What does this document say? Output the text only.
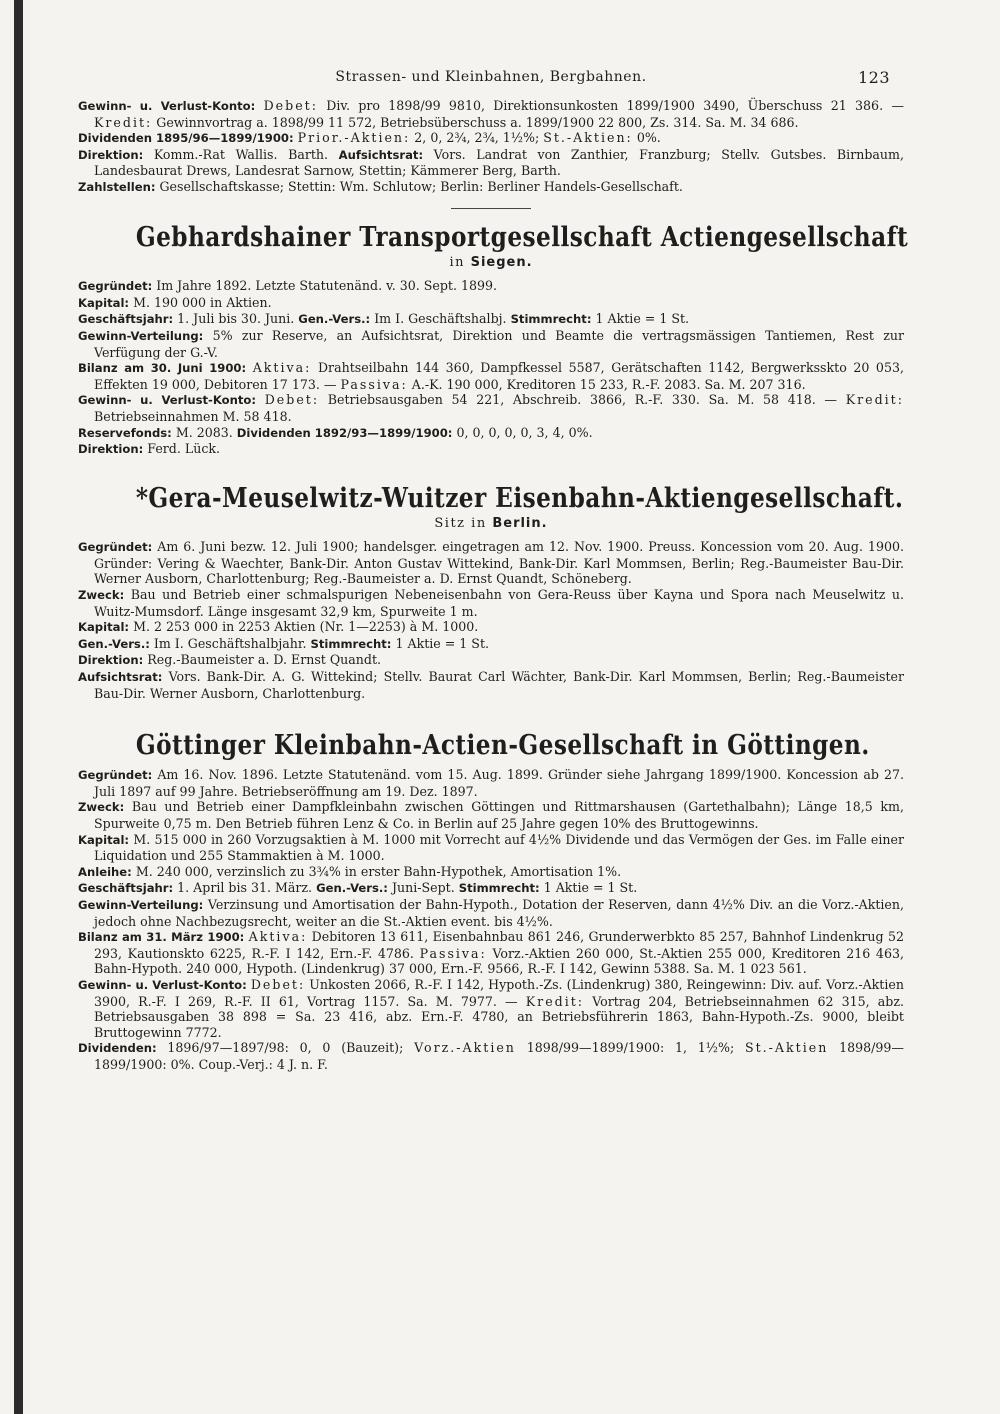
Strassen- und Kleinbahnen, Bergbahnen.	123

Gewinn- u. Verlust-Konto: Debet: Div. pro 1898/99 9810, Direktionsunkosten 1899/1900 3490, Überschuss 21 386. — Kredit: Gewinnvortrag a. 1898/99 11 572, Betriebsüberschuss a. 1899/1900 22 800, Zs. 314. Sa. M. 34 686.

Dividenden 1895/96—1899/1900: Prior.-Aktien: 2, 0, 2¾, 2¾, 1½%; St.-Aktien: 0%.

Direktion: Komm.-Rat Wallis. Barth. Aufsichtsrat: Vors. Landrat von Zanthier, Franzburg; Stellv. Gutsbes. Birnbaum, Landesbaurat Drews, Landesrat Sarnow, Stettin; Kämmerer Berg, Barth.

Zahlstellen: Gesellschaftskasse; Stettin: Wm. Schlutow; Berlin: Berliner Handels-Gesellschaft.

Gebhardshainer Transportgesellschaft Actiengesellschaft
in Siegen.

Gegründet: Im Jahre 1892. Letzte Statutenänd. v. 30. Sept. 1899.

Kapital: M. 190 000 in Aktien.

Geschäftsjahr: 1. Juli bis 30. Juni. Gen.-Vers.: Im I. Geschäftshalbj. Stimmrecht: 1 Aktie = 1 St.

Gewinn-Verteilung: 5% zur Reserve, an Aufsichtsrat, Direktion und Beamte die vertragsmässigen Tantiemen, Rest zur Verfügung der G.-V.

Bilanz am 30. Juni 1900: Aktiva: Drahtseilbahn 144 360, Dampfkessel 5587, Gerätschaften 1142, Bergwerksskto 20 053, Effekten 19 000, Debitoren 17 173. — Passiva: A.-K. 190 000, Kreditoren 15 233, R.-F. 2083. Sa. M. 207 316.

Gewinn- u. Verlust-Konto: Debet: Betriebsausgaben 54 221, Abschreib. 3866, R.-F. 330. Sa. M. 58 418. — Kredit: Betriebseinnahmen M. 58 418.

Reservefonds: M. 2083. Dividenden 1892/93—1899/1900: 0, 0, 0, 0, 0, 3, 4, 0%.

Direktion: Ferd. Lück.

*Gera-Meuselwitz-Wuitzer Eisenbahn-Aktiengesellschaft.
Sitz in Berlin.

Gegründet: Am 6. Juni bezw. 12. Juli 1900; handelsger. eingetragen am 12. Nov. 1900. Preuss. Koncession vom 20. Aug. 1900. Gründer: Vering & Waechter, Bank-Dir. Anton Gustav Wittekind, Bank-Dir. Karl Mommsen, Berlin; Reg.-Baumeister Bau-Dir. Werner Ausborn, Charlottenburg; Reg.-Baumeister a. D. Ernst Quandt, Schöneberg.

Zweck: Bau und Betrieb einer schmalspurigen Nebeneisenbahn von Gera-Reuss über Kayna und Spora nach Meuselwitz u. Wuitz-Mumsdorf. Länge insgesamt 32,9 km, Spurweite 1 m.

Kapital: M. 2 253 000 in 2253 Aktien (Nr. 1—2253) à M. 1000.

Gen.-Vers.: Im I. Geschäftshalbjahr. Stimmrecht: 1 Aktie = 1 St.

Direktion: Reg.-Baumeister a. D. Ernst Quandt.

Aufsichtsrat: Vors. Bank-Dir. A. G. Wittekind; Stellv. Baurat Carl Wächter, Bank-Dir. Karl Mommsen, Berlin; Reg.-Baumeister Bau-Dir. Werner Ausborn, Charlottenburg.

Göttinger Kleinbahn-Actien-Gesellschaft in Göttingen.

Gegründet: Am 16. Nov. 1896. Letzte Statutenänd. vom 15. Aug. 1899. Gründer siehe Jahrgang 1899/1900. Koncession ab 27. Juli 1897 auf 99 Jahre. Betriebseröffnung am 19. Dez. 1897.

Zweck: Bau und Betrieb einer Dampfkleinbahn zwischen Göttingen und Rittmarshausen (Gartethalbahn); Länge 18,5 km, Spurweite 0,75 m. Den Betrieb führen Lenz & Co. in Berlin auf 25 Jahre gegen 10% des Bruttogewinns.

Kapital: M. 515 000 in 260 Vorzugsaktien à M. 1000 mit Vorrecht auf 4½% Dividende und das Vermögen der Ges. im Falle einer Liquidation und 255 Stammaktien à M. 1000.

Anleihe: M. 240 000, verzinslich zu 3¾% in erster Bahn-Hypothek, Amortisation 1%.

Geschäftsjahr: 1. April bis 31. März. Gen.-Vers.: Juni-Sept. Stimmrecht: 1 Aktie = 1 St.

Gewinn-Verteilung: Verzinsung und Amortisation der Bahn-Hypoth., Dotation der Reserven, dann 4½% Div. an die Vorz.-Aktien, jedoch ohne Nachbezugsrecht, weiter an die St.-Aktien event. bis 4½%.

Bilanz am 31. März 1900: Aktiva: Debitoren 13 611, Eisenbahnbau 861 246, Grunderwerbkto 85 257, Bahnhof Lindenkrug 52 293, Kautionskto 6225, R.-F. I 142, Ern.-F. 4786. Passiva: Vorz.-Aktien 260 000, St.-Aktien 255 000, Kreditoren 216 463, Bahn-Hypoth. 240 000, Hypoth. (Lindenkrug) 37 000, Ern.-F. 9566, R.-F. I 142, Gewinn 5388. Sa. M. 1 023 561.

Gewinn- u. Verlust-Konto: Debet: Unkosten 2066, R.-F. I 142, Hypoth.-Zs. (Lindenkrug) 380, Reingewinn: Div. auf. Vorz.-Aktien 3900, R.-F. I 269, R.-F. II 61, Vortrag 1157. Sa. M. 7977. — Kredit: Vortrag 204, Betriebseinnahmen 62 315, abz. Betriebsausgaben 38 898 = Sa. 23 416, abz. Ern.-F. 4780, an Betriebsführerin 1863, Bahn-Hypoth.-Zs. 9000, bleibt Bruttogewinn 7772.

Dividenden: 1896/97—1897/98: 0, 0 (Bauzeit); Vorz.-Aktien 1898/99—1899/1900: 1, 1½%; St.-Aktien 1898/99—1899/1900: 0%. Coup.-Verj.: 4 J. n. F.
